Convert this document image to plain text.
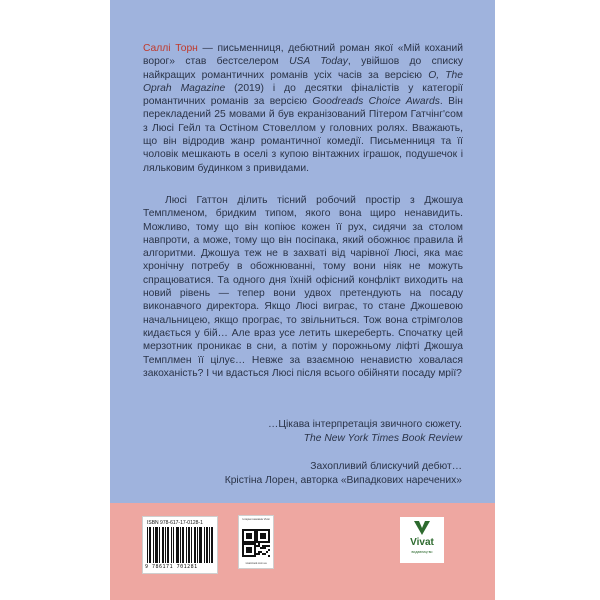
Саллі Торн — письменниця, дебютний роман якої «Мій коханий ворог» став бестселером USA Today, увійшов до списку найкращих романтичних романів усіх часів за версією O, The Oprah Magazine (2019) і до десятки фіналістів у категорії романтичних романів за версією Goodreads Choice Awards. Він перекладений 25 мовами й був екранізований Пітером Гатчінг'сом з Люсі Гейл та Остіном Стовеллом у головних ролях. Вважають, що він відродив жанр романтичної комедії. Письменниця та її чоловік мешкають в оселі з купою вінтажних іграшок, подушечок і ляльковим будинком з привидами.

Люсі Гаттон ділить тісний робочий простір з Джошуа Темплменом, бридким типом, якого вона щиро ненавидить. Можливо, тому що він копіює кожен її рух, сидячи за столом навпроти, а може, тому що він посіпака, який обожнює правила й алгоритми. Джошуа теж не в захваті від чарівної Люсі, яка має хронічну потребу в обожнюванні, тому вони ніяк не можуть спрацюватися. Та одного дня їхній офісний конфлікт виходить на новий рівень — тепер вони удвох претендують на посаду виконавчого директора. Якщо Люсі виграє, то стане Джошевою начальницею, якщо програє, то звільниться. Тож вона стрімголов кидається у бій… Але враз усе летить шкереберть. Спочатку цей мерзотник проникає в сни, а потім у порожньому ліфті Джошуа Темплмен її цілує… Невже за взаємною ненавистю ховалася закоханість? І чи вдасться Люсі після всього обійняти посаду мрії?

…Цікава інтерпретація звичного сюжету.
The New York Times Book Review
Захопливий блискучий дебют…
Крістіна Лорен, авторка «Випадкових наречених»
ISBN 978-617-17-0128-1
9 786171 701281
Інтернет-магазин Vivat
vivat-book.com.ua
Vivat
видавництво
